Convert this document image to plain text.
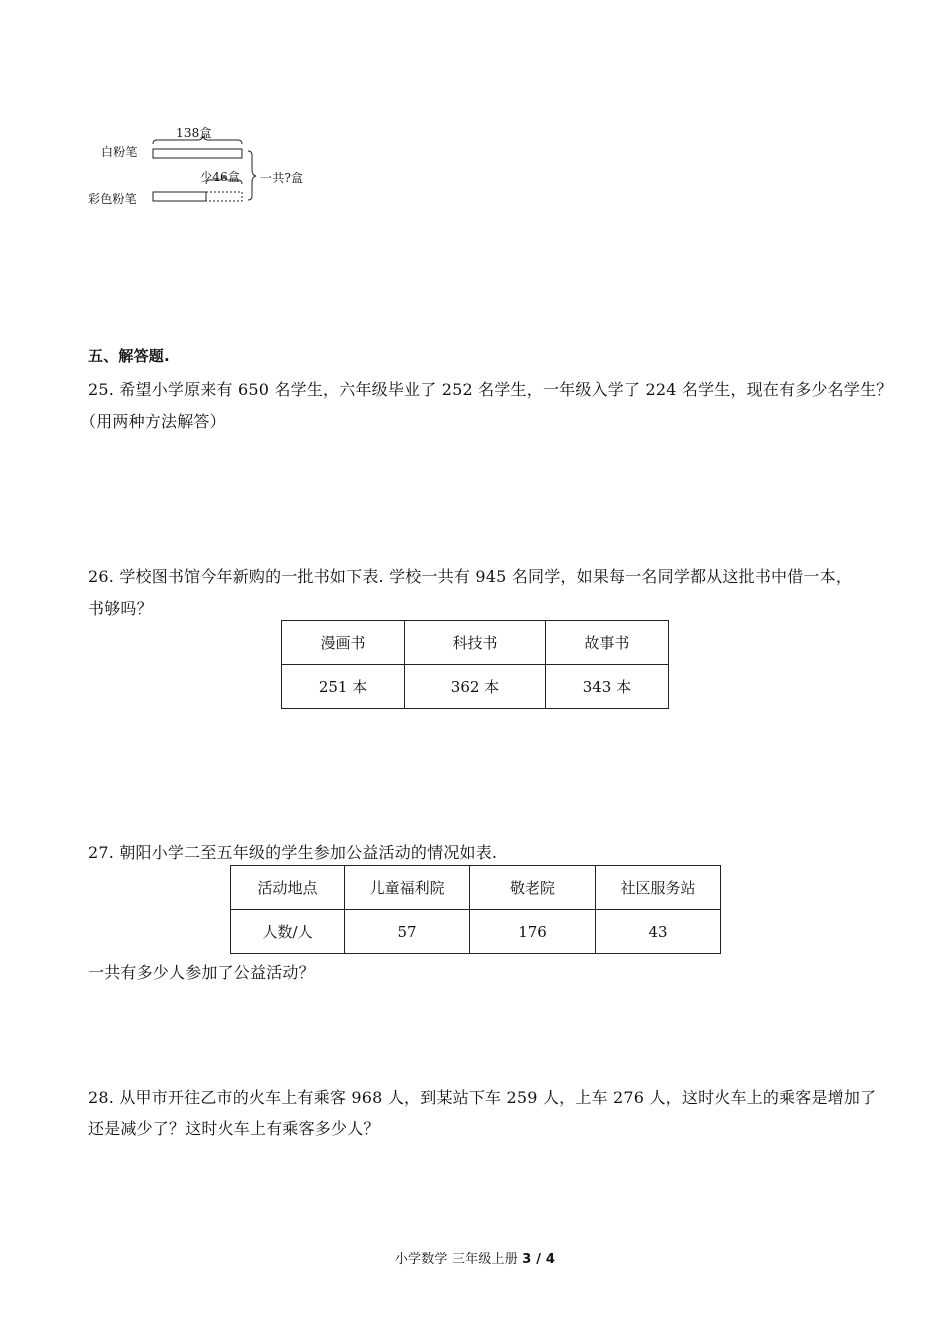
138盒
白粉笔
少46盒 一共?盒
彩色粉笔
五、解答题.
25. 希望小学原来有 650 名学生，六年级毕业了 252 名学生，一年级入学了 224 名学生，现在有多少名学生？
（用两种方法解答）
26. 学校图书馆今年新购的一批书如下表. 学校一共有 945 名同学，如果每一名同学都从这批书中借一本，
书够吗？
漫画书	科技书	故事书
251 本	362 本	343 本
27. 朝阳小学二至五年级的学生参加公益活动的情况如表.
活动地点	儿童福利院	敬老院	社区服务站
人数/人	57	176	43
一共有多少人参加了公益活动？
28. 从甲市开往乙市的火车上有乘客 968 人，到某站下车 259 人，上车 276 人，这时火车上的乘客是增加了
还是减少了？这时火车上有乘客多少人？
小学数学 三年级上册 3 / 4
